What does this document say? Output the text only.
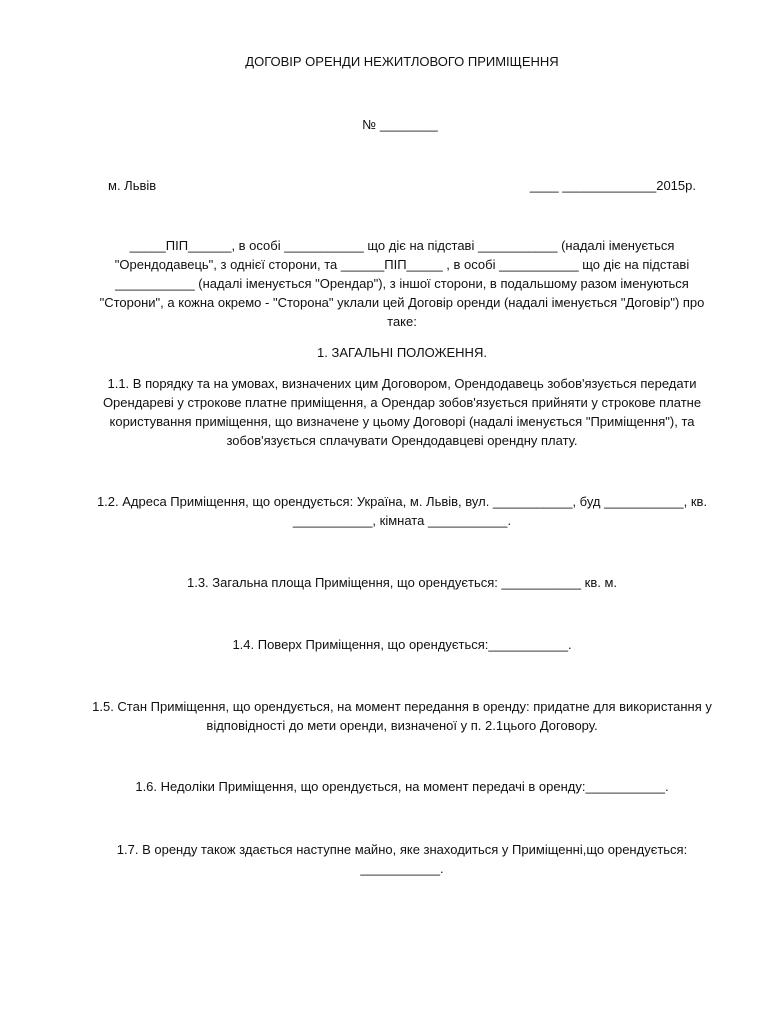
ДОГОВІР ОРЕНДИ НЕЖИТЛОВОГО ПРИМІЩЕННЯ
№ ________
м. Львів	____ _____________2015р.
_____ПІП______, в особі ___________ що діє на підставі ___________ (надалі іменується
"Орендодавець", з однієї сторони, та ______ПІП_____ , в особі ___________ що діє на підставі
___________ (надалі іменується "Орендар"), з іншої сторони, в подальшому разом іменуються
"Сторони", а кожна окремо - "Сторона" уклали цей Договір оренди (надалі іменується "Договір") про
таке:
1. ЗАГАЛЬНІ ПОЛОЖЕННЯ.
1.1. В порядку та на умовах, визначених цим Договором, Орендодавець зобов'язується передати
Орендареві у строкове платне приміщення, а Орендар зобов'язується прийняти у строкове платне
користування приміщення, що визначене у цьому Договорі (надалі іменується "Приміщення"), та
зобов'язується сплачувати Орендодавцеві орендну плату.
1.2. Адреса Приміщення, що орендується: Україна, м. Львів, вул. ___________, буд ___________, кв.
___________, кімната ___________.
1.3. Загальна площа Приміщення, що орендується: ___________ кв. м.
1.4. Поверх Приміщення, що орендується:___________.
1.5. Стан Приміщення, що орендується, на момент передання в оренду: придатне для використання у
відповідності до мети оренди, визначеної у п. 2.1цього Договору.
1.6. Недоліки Приміщення, що орендується, на момент передачі в оренду:___________.
1.7. В оренду також здається наступне майно, яке знаходиться у Приміщенні,що орендується:
___________.
